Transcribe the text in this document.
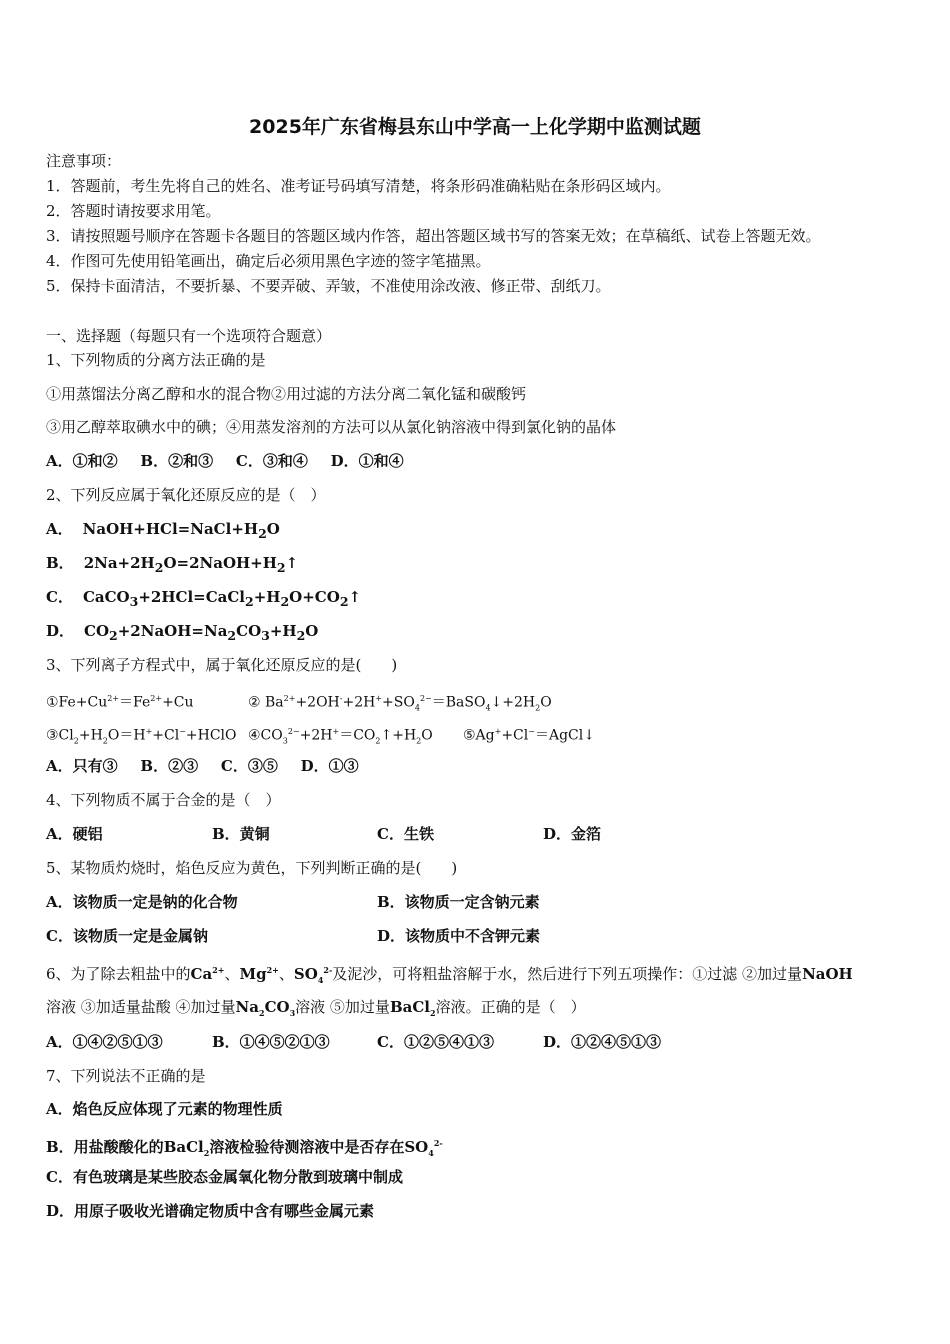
2025年广东省梅县东山中学高一上化学期中监测试题
注意事项：
1．答题前，考生先将自己的姓名、准考证号码填写清楚，将条形码准确粘贴在条形码区域内。
2．答题时请按要求用笔。
3．请按照题号顺序在答题卡各题目的答题区域内作答，超出答题区域书写的答案无效；在草稿纸、试卷上答题无效。
4．作图可先使用铅笔画出，确定后必须用黑色字迹的签字笔描黑。
5．保持卡面清洁，不要折暴、不要弄破、弄皱，不准使用涂改液、修正带、刮纸刀。
一、选择题（每题只有一个选项符合题意）
1、下列物质的分离方法正确的是
①用蒸馏法分离乙醇和水的混合物②用过滤的方法分离二氧化锰和碳酸钙
③用乙醇萃取碘水中的碘；④用蒸发溶剂的方法可以从氯化钠溶液中得到氯化钠的晶体
A．①和② B．②和③ C．③和④ D．①和④
2、下列反应属于氧化还原反应的是（　）
A． $NaOH+HCl=NaCl+H_2O$
B． $2Na+2H_2O=2NaOH+H_2↑$
C． $CaCO_3+2HCl=CaCl_2+H_2O+CO_2↑$
D． $CO_2+2NaOH=Na_2CO_3+H_2O$
3、下列离子方程式中，属于氧化还原反应的是(　　)
$①Fe+Cu^{2+}=Fe^{2+}+Cu$	② $Ba^{2+}+2OH^-+2H^++SO_4^{2-}=BaSO_4↓+2H_2O$
$③Cl_2+H_2O=H^++Cl^-+HClO$ $④CO_3^{2-}+2H^+=CO_2↑+H_2O$ ⑤Ag++Cl−＝AgCl↓
A．只有③ B．②③ C．③⑤ D．①③
4、下列物质不属于合金的是（　）
A．硬铝	B．黄铜	C．生铁	D．金箔
5、某物质灼烧时，焰色反应为黄色，下列判断正确的是(　　)
A．该物质一定是钠的化合物	B．该物质一定含钠元素
C．该物质一定是金属钠	D．该物质中不含钾元素
6、为了除去粗盐中的$Ca^{2+}$、$Mg^{2+}$、$SO_4^{2-}$及泥沙，可将粗盐溶解于水，然后进行下列五项操作：①过滤 ②加过量NaOH
溶液 ③加适量盐酸 ④加过量$Na_2CO_3$溶液 ⑤加过量BaCl$_2$溶液。正确的是（　）
A．①④②⑤①③	B．①④⑤②①③	C．①②⑤④①③	D．①②④⑤①③
7、下列说法不正确的是
A．焰色反应体现了元素的物理性质
B．用盐酸酸化的BaCl$_2$溶液检验待测溶液中是否存在$SO_4^{2-}$
C．有色玻璃是某些胶态金属氧化物分散到玻璃中制成
D．用原子吸收光谱确定物质中含有哪些金属元素
